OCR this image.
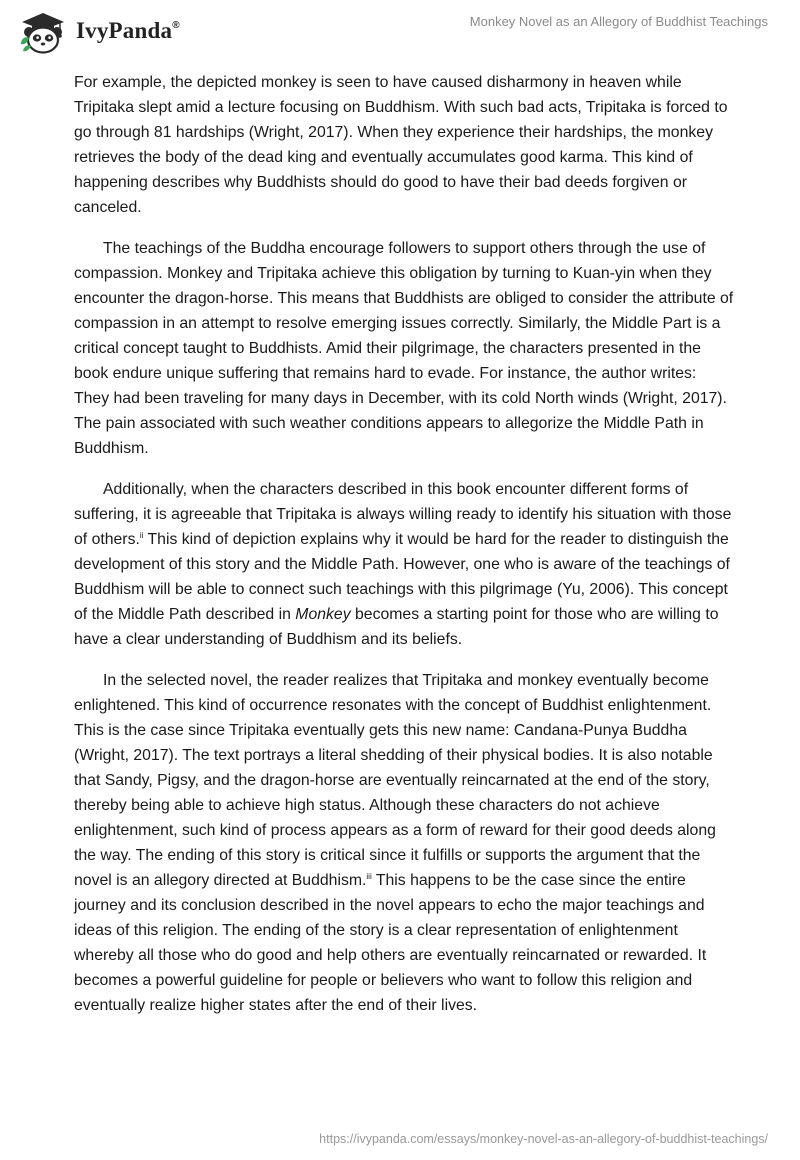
IvyPanda®	Monkey Novel as an Allegory of Buddhist Teachings

For example, the depicted monkey is seen to have caused disharmony in heaven while Tripitaka slept amid a lecture focusing on Buddhism. With such bad acts, Tripitaka is forced to go through 81 hardships (Wright, 2017). When they experience their hardships, the monkey retrieves the body of the dead king and eventually accumulates good karma. This kind of happening describes why Buddhists should do good to have their bad deeds forgiven or canceled.

The teachings of the Buddha encourage followers to support others through the use of compassion. Monkey and Tripitaka achieve this obligation by turning to Kuan-yin when they encounter the dragon-horse. This means that Buddhists are obliged to consider the attribute of compassion in an attempt to resolve emerging issues correctly. Similarly, the Middle Part is a critical concept taught to Buddhists. Amid their pilgrimage, the characters presented in the book endure unique suffering that remains hard to evade. For instance, the author writes: They had been traveling for many days in December, with its cold North winds (Wright, 2017). The pain associated with such weather conditions appears to allegorize the Middle Path in Buddhism.

Additionally, when the characters described in this book encounter different forms of suffering, it is agreeable that Tripitaka is always willing ready to identify his situation with those of others.$^{ii}$ This kind of depiction explains why it would be hard for the reader to distinguish the development of this story and the Middle Path. However, one who is aware of the teachings of Buddhism will be able to connect such teachings with this pilgrimage (Yu, 2006). This concept of the Middle Path described in Monkey becomes a starting point for those who are willing to have a clear understanding of Buddhism and its beliefs.

In the selected novel, the reader realizes that Tripitaka and monkey eventually become enlightened. This kind of occurrence resonates with the concept of Buddhist enlightenment. This is the case since Tripitaka eventually gets this new name: Candana-Punya Buddha (Wright, 2017). The text portrays a literal shedding of their physical bodies. It is also notable that Sandy, Pigsy, and the dragon-horse are eventually reincarnated at the end of the story, thereby being able to achieve high status. Although these characters do not achieve enlightenment, such kind of process appears as a form of reward for their good deeds along the way. The ending of this story is critical since it fulfills or supports the argument that the novel is an allegory directed at Buddhism.$^{iii}$ This happens to be the case since the entire journey and its conclusion described in the novel appears to echo the major teachings and ideas of this religion. The ending of the story is a clear representation of enlightenment whereby all those who do good and help others are eventually reincarnated or rewarded. It becomes a powerful guideline for people or believers who want to follow this religion and eventually realize higher states after the end of their lives.

https://ivypanda.com/essays/monkey-novel-as-an-allegory-of-buddhist-teachings/
